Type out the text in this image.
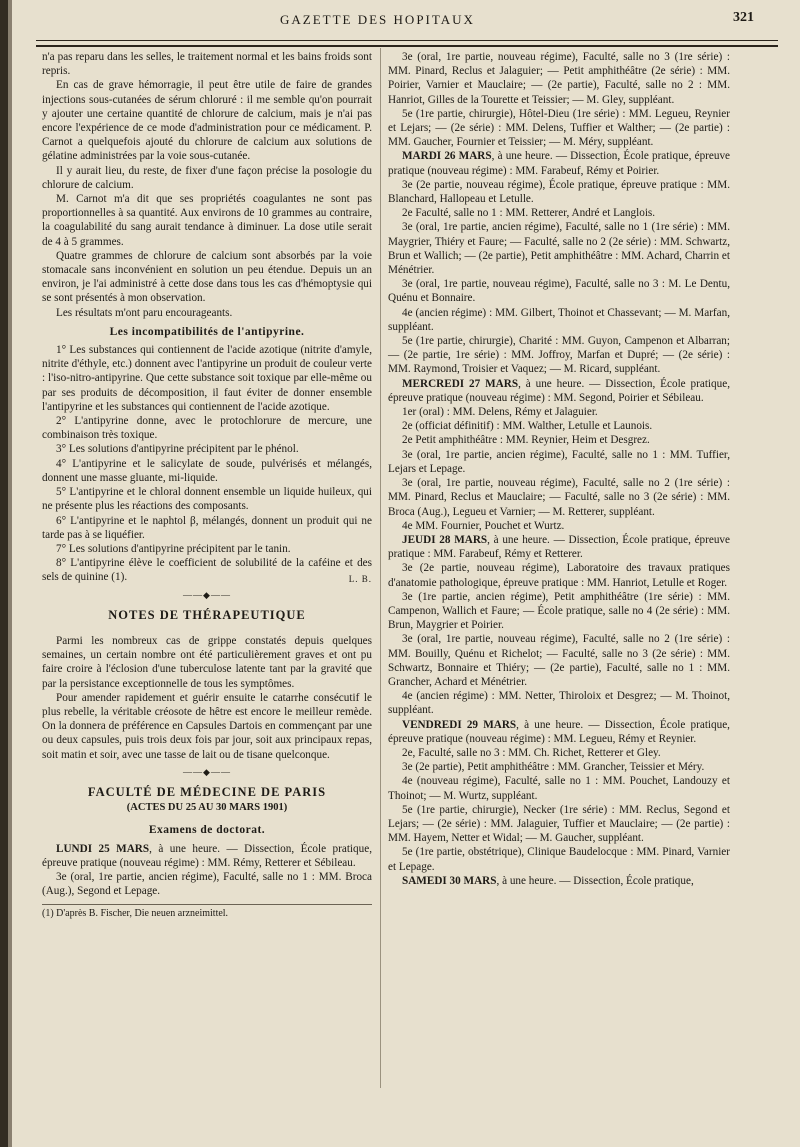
GAZETTE DES HOPITAUX	321

n'a pas reparu dans les selles, le traitement normal et les bains froids sont repris.

En cas de grave hémorragie, il peut être utile de faire de grandes injections sous-cutanées de sérum chloruré : il me semble qu'on pourrait y ajouter une certaine quantité de chlorure de calcium, mais je n'ai pas encore l'expérience de ce mode d'administration pour ce médicament. P. Carnot a quelquefois ajouté du chlorure de calcium aux solutions de gélatine administrées par la voie sous-cutanée.

Il y aurait lieu, du reste, de fixer d'une façon précise la posologie du chlorure de calcium.

M. Carnot m'a dit que ses propriétés coagulantes ne sont pas proportionnelles à sa quantité. Aux environs de 10 grammes au contraire, la coagulabilité du sang aurait tendance à diminuer. La dose utile serait de 4 à 5 grammes.

Quatre grammes de chlorure de calcium sont absorbés par la voie stomacale sans inconvénient en solution un peu étendue. Depuis un an environ, je l'ai administré à cette dose dans tous les cas d'hémoptysie qui se sont présentés à mon observation.

Les résultats m'ont paru encourageants.

Les incompatibilités de l'antipyrine.

1° Les substances qui contiennent de l'acide azotique (nitrite d'amyle, nitrite d'éthyle, etc.) donnent avec l'antipyrine un produit de couleur verte : l'iso-nitro-antipyrine. Que cette substance soit toxique par elle-même ou par ses produits de décomposition, il faut éviter de donner ensemble l'antipyrine et les substances qui contiennent de l'acide azotique.

2° L'antipyrine donne, avec le protochlorure de mercure, une combinaison très toxique.

3° Les solutions d'antipyrine précipitent par le phénol.

4° L'antipyrine et le salicylate de soude, pulvérisés et mélangés, donnent une masse gluante, mi-liquide.

5° L'antipyrine et le chloral donnent ensemble un liquide huileux, qui ne présente plus les réactions des composants.

6° L'antipyrine et le naphtol β, mélangés, donnent un produit qui ne tarde pas à se liquéfier.

7° Les solutions d'antipyrine précipitent par le tanin.

8° L'antipyrine élève le coefficient de solubilité de la caféine et des sels de quinine (1).	L. B.

——◆——
NOTES DE THÉRAPEUTIQUE

Parmi les nombreux cas de grippe constatés depuis quelques semaines, un certain nombre ont été particulièrement graves et ont pu faire croire à l'éclosion d'une tuberculose latente tant par la gravité que par la persistance exceptionnelle de tous les symptômes.

Pour amender rapidement et guérir ensuite le catarrhe consécutif le plus rebelle, la véritable créosote de hêtre est encore le meilleur remède. On la donnera de préférence en Capsules Dartois en commençant par une ou deux capsules, puis trois deux fois par jour, soit aux principaux repas, soit matin et soir, avec une tasse de lait ou de tisane quelconque.

——◆——
FACULTÉ DE MÉDECINE DE PARIS
(ACTES DU 25 AU 30 MARS 1901)
Examens de doctorat.

LUNDI 25 MARS, à une heure. — Dissection, École pratique, épreuve pratique (nouveau régime) : MM. Rémy, Retterer et Sébileau.

3e (oral, 1re partie, ancien régime), Faculté, salle no 1 : MM. Broca (Aug.), Segond et Lepage.

(1) D'après B. Fischer, Die neuen arzneimittel.

3e (oral, 1re partie, nouveau régime), Faculté, salle no 3 (1re série) : MM. Pinard, Reclus et Jalaguier; — Petit amphithéâtre (2e série) : MM. Poirier, Varnier et Mauclaire; — (2e partie), Faculté, salle no 2 : MM. Hanriot, Gilles de la Tourette et Teissier; — M. Gley, suppléant.

5e (1re partie, chirurgie), Hôtel-Dieu (1re série) : MM. Legueu, Reynier et Lejars; — (2e série) : MM. Delens, Tuffier et Walther; — (2e partie) : MM. Gaucher, Fournier et Teissier; — M. Méry, suppléant.

MARDI 26 MARS, à une heure. — Dissection, École pratique, épreuve pratique (nouveau régime) : MM. Farabeuf, Rémy et Poirier.

3e (2e partie, nouveau régime), École pratique, épreuve pratique : MM. Blanchard, Hallopeau et Letulle.

2e Faculté, salle no 1 : MM. Retterer, André et Langlois.

3e (oral, 1re partie, ancien régime), Faculté, salle no 1 (1re série) : MM. Maygrier, Thiéry et Faure; — Faculté, salle no 2 (2e série) : MM. Schwartz, Brun et Wallich; — (2e partie), Petit amphithéâtre : MM. Achard, Charrin et Ménétrier.

3e (oral, 1re partie, nouveau régime), Faculté, salle no 3 : M. Le Dentu, Quénu et Bonnaire.

4e (ancien régime) : MM. Gilbert, Thoinot et Chassevant; — M. Marfan, suppléant.

5e (1re partie, chirurgie), Charité : MM. Guyon, Campenon et Albarran; — (2e partie, 1re série) : MM. Joffroy, Marfan et Dupré; — (2e série) : MM. Raymond, Troisier et Vaquez; — M. Ricard, suppléant.

MERCREDI 27 MARS, à une heure. — Dissection, École pratique, épreuve pratique (nouveau régime) : MM. Segond, Poirier et Sébileau.

1er (oral) : MM. Delens, Rémy et Jalaguier.

2e (officiat définitif) : MM. Walther, Letulle et Launois.

2e Petit amphithéâtre : MM. Reynier, Heim et Desgrez.

3e (oral, 1re partie, ancien régime), Faculté, salle no 1 : MM. Tuffier, Lejars et Lepage.

3e (oral, 1re partie, nouveau régime), Faculté, salle no 2 (1re série) : MM. Pinard, Reclus et Mauclaire; — Faculté, salle no 3 (2e série) : MM. Broca (Aug.), Legueu et Varnier; — M. Retterer, suppléant.

4e MM. Fournier, Pouchet et Wurtz.

JEUDI 28 MARS, à une heure. — Dissection, École pratique, épreuve pratique : MM. Farabeuf, Rémy et Retterer.

3e (2e partie, nouveau régime), Laboratoire des travaux pratiques d'anatomie pathologique, épreuve pratique : MM. Hanriot, Letulle et Roger.

3e (1re partie, ancien régime), Petit amphithéâtre (1re série) : MM. Campenon, Wallich et Faure; — École pratique, salle no 4 (2e série) : MM. Brun, Maygrier et Poirier.

3e (oral, 1re partie, nouveau régime), Faculté, salle no 2 (1re série) : MM. Bouilly, Quénu et Richelot; — Faculté, salle no 3 (2e série) : MM. Schwartz, Bonnaire et Thiéry; — (2e partie), Faculté, salle no 1 : MM. Grancher, Achard et Ménétrier.

4e (ancien régime) : MM. Netter, Thiroloix et Desgrez; — M. Thoinot, suppléant.

VENDREDI 29 MARS, à une heure. — Dissection, École pratique, épreuve pratique (nouveau régime) : MM. Legueu, Rémy et Reynier.

2e, Faculté, salle no 3 : MM. Ch. Richet, Retterer et Gley.

3e (2e partie), Petit amphithéâtre : MM. Grancher, Teissier et Méry.

4e (nouveau régime), Faculté, salle no 1 : MM. Pouchet, Landouzy et Thoinot; — M. Wurtz, suppléant.

5e (1re partie, chirurgie), Necker (1re série) : MM. Reclus, Segond et Lejars; — (2e série) : MM. Jalaguier, Tuffier et Mauclaire; — (2e partie) : MM. Hayem, Netter et Widal; — M. Gaucher, suppléant.

5e (1re partie, obstétrique), Clinique Baudelocque : MM. Pinard, Varnier et Lepage.

SAMEDI 30 MARS, à une heure. — Dissection, École pratique,
